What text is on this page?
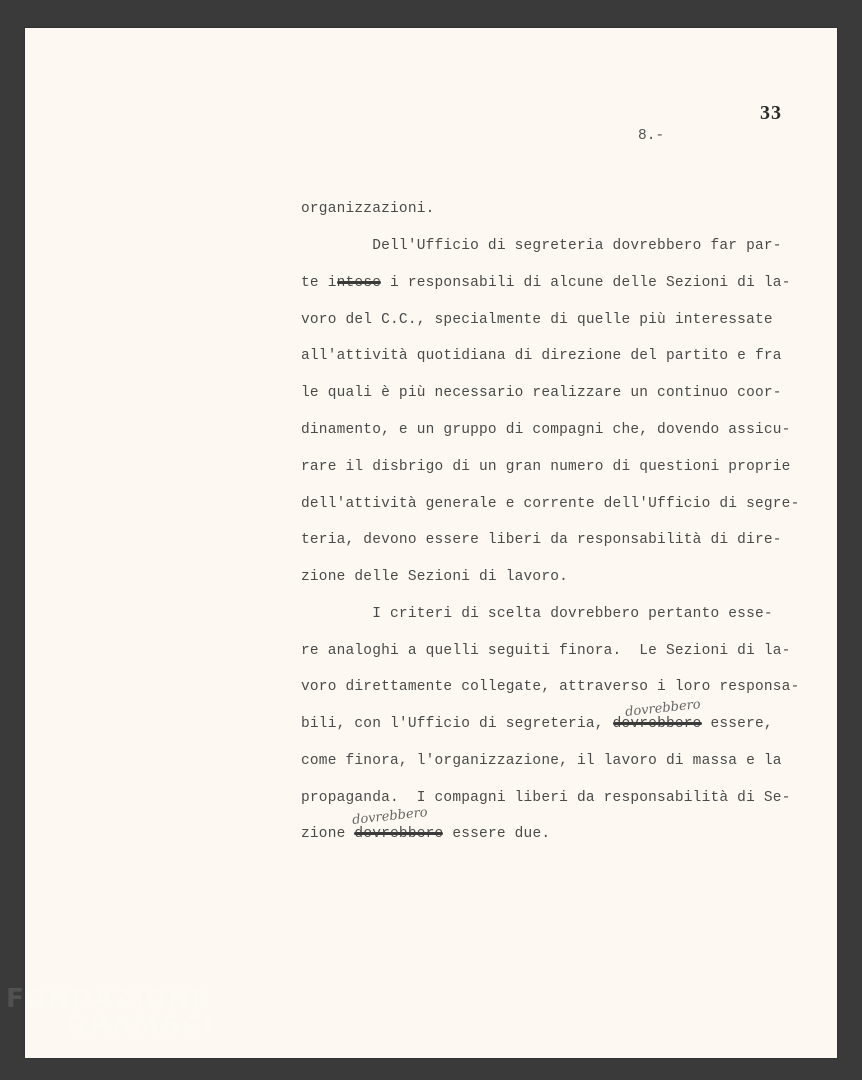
33
8.-
organizzazioni.
Dell'Ufficio di segreteria dovrebbero far par-
te i	i responsabili di alcune delle Sezioni di la-
voro del C.C., specialmente di quelle più interessate
all'attività quotidiana di direzione del partito e fra
le quali è più necessario realizzare un continuo coor-
dinamento, e un gruppo di compagni che, dovendo assicu-
rare il disbrigo di un gran numero di questioni proprie
dell'attività generale e corrente dell'Ufficio di segre-
teria, devono essere liberi da responsabilità di dire-
zione delle Sezioni di lavoro.
I criteri di scelta dovrebbero pertanto esse-
re analoghi a quelli seguiti finora.  Le Sezioni di la-
voro direttamente collegate, attraverso i loro responsa-
bili, con l'Ufficio di segreteria,	essere,
dovrebbero
come finora, l'organizzazione, il lavoro di massa e la
propaganda.  I compagni liberi da responsabilità di Se-
zione	essere due.
dovrebbero
FONDAZIONE
GRAMSCI
